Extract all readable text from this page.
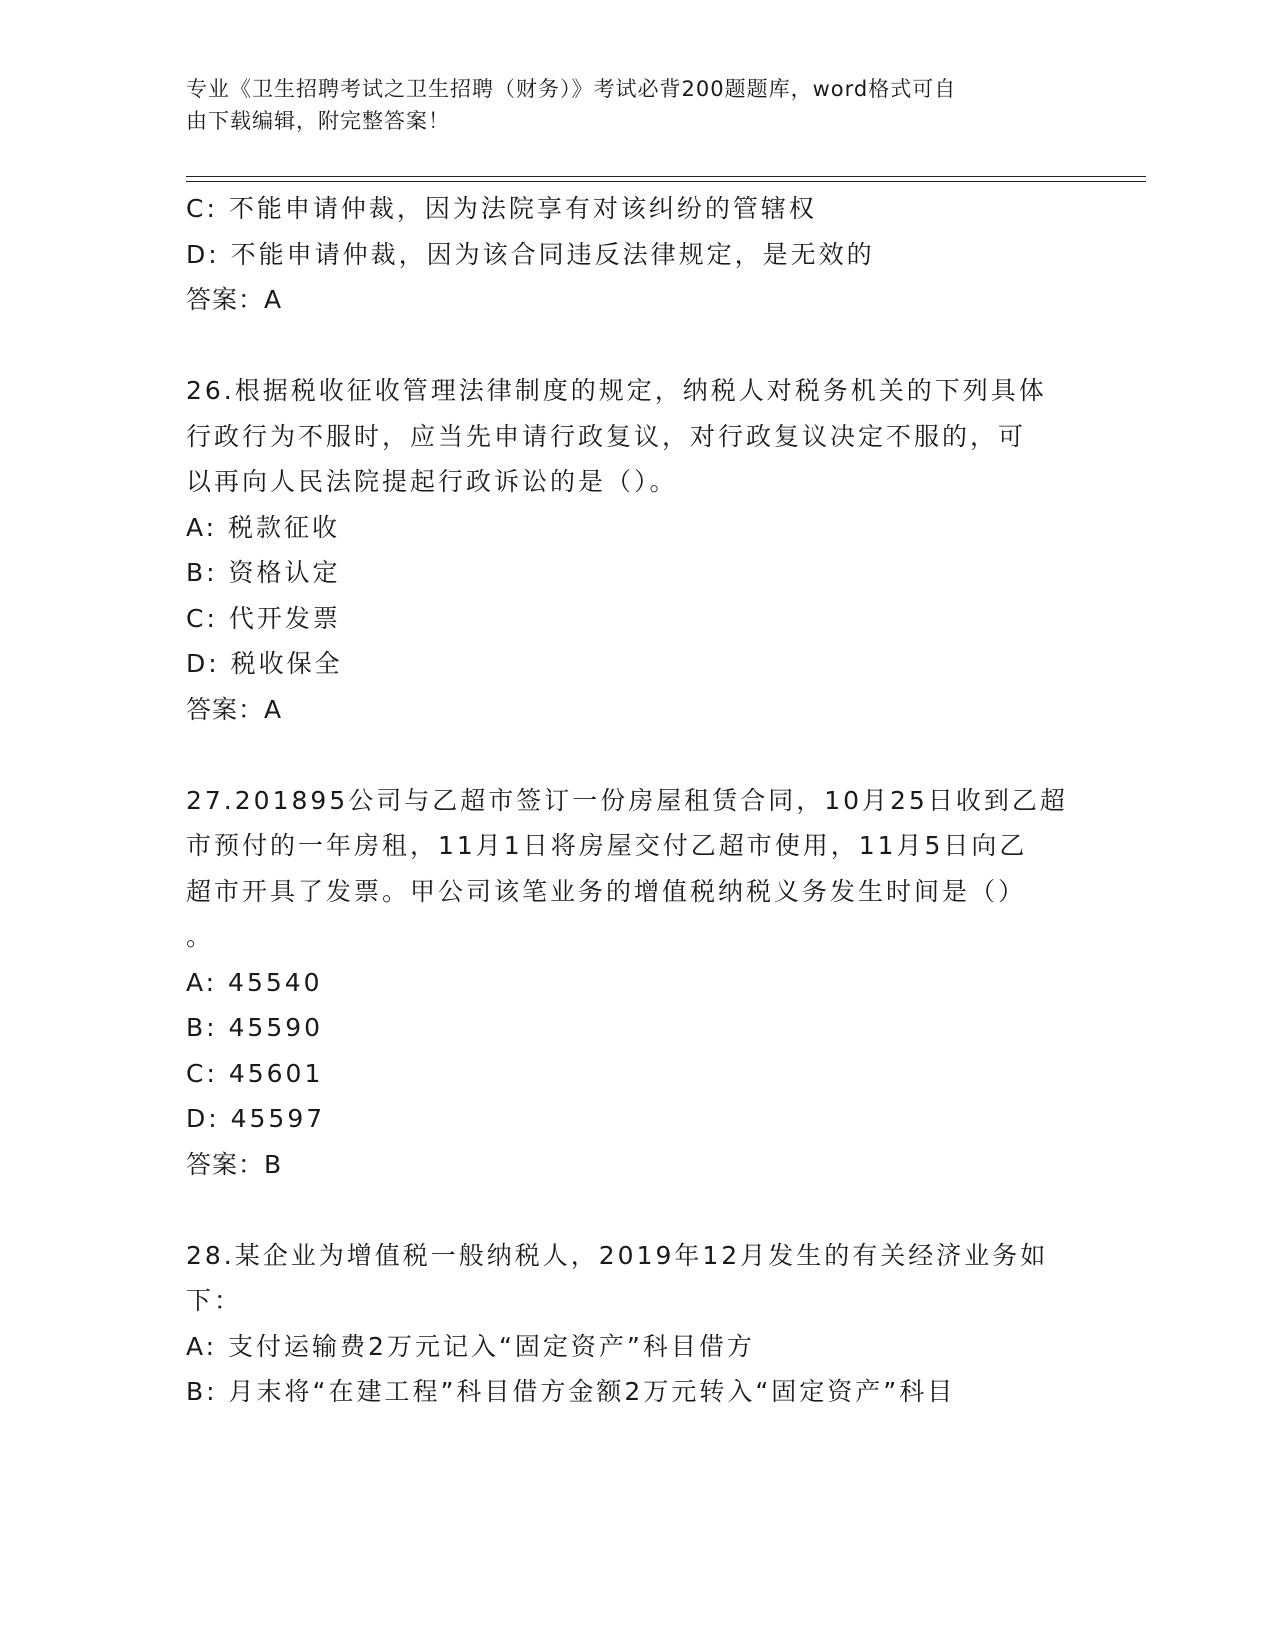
专业《卫生招聘考试之卫生招聘（财务）》考试必背200题题库，word格式可自
由下载编辑，附完整答案！
C: 不能申请仲裁，因为法院享有对该纠纷的管辖权
D: 不能申请仲裁，因为该合同违反法律规定，是无效的
答案：A
26.根据税收征收管理法律制度的规定，纳税人对税务机关的下列具体
行政行为不服时，应当先申请行政复议，对行政复议决定不服的，可
以再向人民法院提起行政诉讼的是（）。
A: 税款征收
B: 资格认定
C: 代开发票
D: 税收保全
答案：A
27.201895公司与乙超市签订一份房屋租赁合同，10月25日收到乙超
市预付的一年房租，11月1日将房屋交付乙超市使用，11月5日向乙
超市开具了发票。甲公司该笔业务的增值税纳税义务发生时间是（）
。
A: 45540
B: 45590
C: 45601
D: 45597
答案：B
28.某企业为增值税一般纳税人，2019年12月发生的有关经济业务如
下：
A: 支付运输费2万元记入“固定资产”科目借方
B: 月末将“在建工程”科目借方金额2万元转入“固定资产”科目
